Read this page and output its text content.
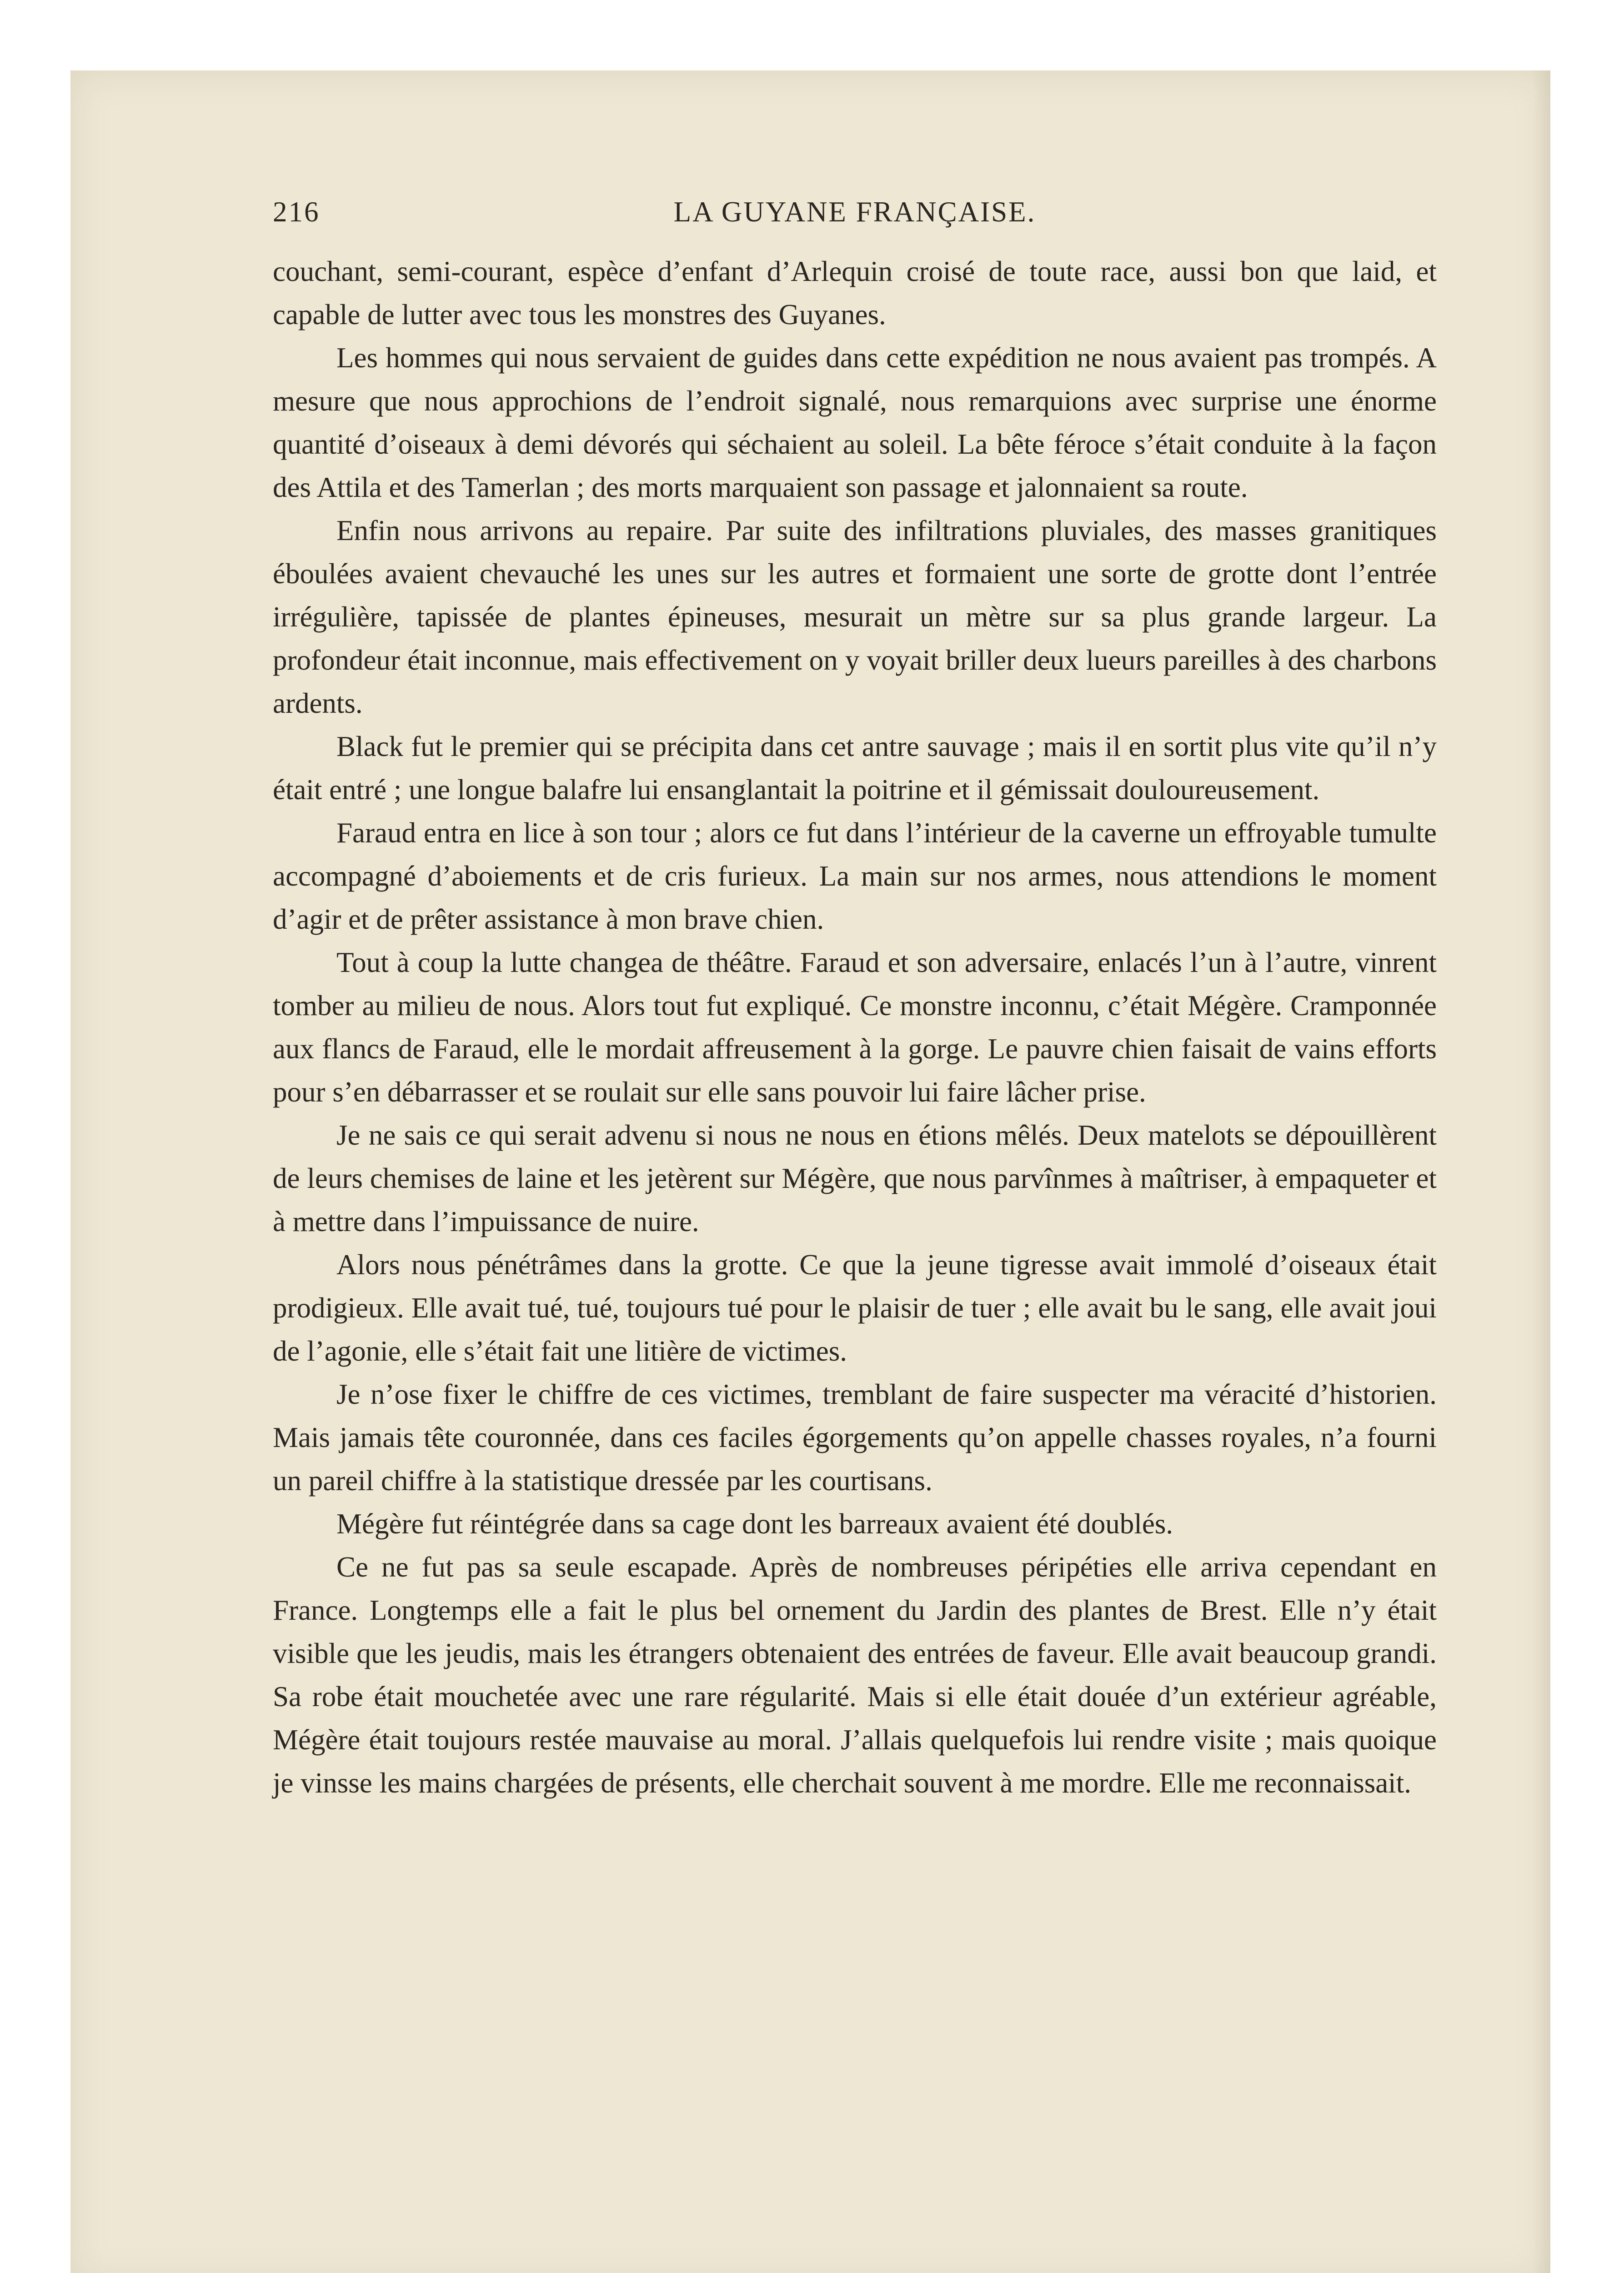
216	LA GUYANE FRANÇAISE.

couchant, semi-courant, espèce d’enfant d’Arlequin croisé de toute race, aussi bon que laid, et capable de lutter avec tous les monstres des Guyanes.

Les hommes qui nous servaient de guides dans cette expédition ne nous avaient pas trompés. A mesure que nous approchions de l’endroit signalé, nous remarquions avec surprise une énorme quantité d’oiseaux à demi dévorés qui séchaient au soleil. La bête féroce s’était conduite à la façon des Attila et des Tamerlan ; des morts marquaient son passage et jalonnaient sa route.

Enfin nous arrivons au repaire. Par suite des infiltrations pluviales, des masses granitiques éboulées avaient chevauché les unes sur les autres et formaient une sorte de grotte dont l’entrée irrégulière, tapissée de plantes épineuses, mesurait un mètre sur sa plus grande largeur. La profondeur était inconnue, mais effectivement on y voyait briller deux lueurs pareilles à des charbons ardents.

Black fut le premier qui se précipita dans cet antre sauvage ; mais il en sortit plus vite qu’il n’y était entré ; une longue balafre lui ensanglantait la poitrine et il gémissait douloureusement.

Faraud entra en lice à son tour ; alors ce fut dans l’intérieur de la caverne un effroyable tumulte accompagné d’aboiements et de cris furieux. La main sur nos armes, nous attendions le moment d’agir et de prêter assistance à mon brave chien.

Tout à coup la lutte changea de théâtre. Faraud et son adversaire, enlacés l’un à l’autre, vinrent tomber au milieu de nous. Alors tout fut expliqué. Ce monstre inconnu, c’était Mégère. Cramponnée aux flancs de Faraud, elle le mordait affreusement à la gorge. Le pauvre chien faisait de vains efforts pour s’en débarrasser et se roulait sur elle sans pouvoir lui faire lâcher prise.

Je ne sais ce qui serait advenu si nous ne nous en étions mêlés. Deux matelots se dépouillèrent de leurs chemises de laine et les jetèrent sur Mégère, que nous parvînmes à maîtriser, à empaqueter et à mettre dans l’impuissance de nuire.

Alors nous pénétrâmes dans la grotte. Ce que la jeune tigresse avait immolé d’oiseaux était prodigieux. Elle avait tué, tué, toujours tué pour le plaisir de tuer ; elle avait bu le sang, elle avait joui de l’agonie, elle s’était fait une litière de victimes.

Je n’ose fixer le chiffre de ces victimes, tremblant de faire suspecter ma véracité d’historien. Mais jamais tête couronnée, dans ces faciles égorgements qu’on appelle chasses royales, n’a fourni un pareil chiffre à la statistique dressée par les courtisans.

Mégère fut réintégrée dans sa cage dont les barreaux avaient été doublés.

Ce ne fut pas sa seule escapade. Après de nombreuses péripéties elle arriva cependant en France. Longtemps elle a fait le plus bel ornement du Jardin des plantes de Brest. Elle n’y était visible que les jeudis, mais les étrangers obtenaient des entrées de faveur. Elle avait beaucoup grandi. Sa robe était mouchetée avec une rare régularité. Mais si elle était douée d’un extérieur agréable, Mégère était toujours restée mauvaise au moral. J’allais quelquefois lui rendre visite ; mais quoique je vinsse les mains chargées de présents, elle cherchait souvent à me mordre. Elle me reconnaissait.
